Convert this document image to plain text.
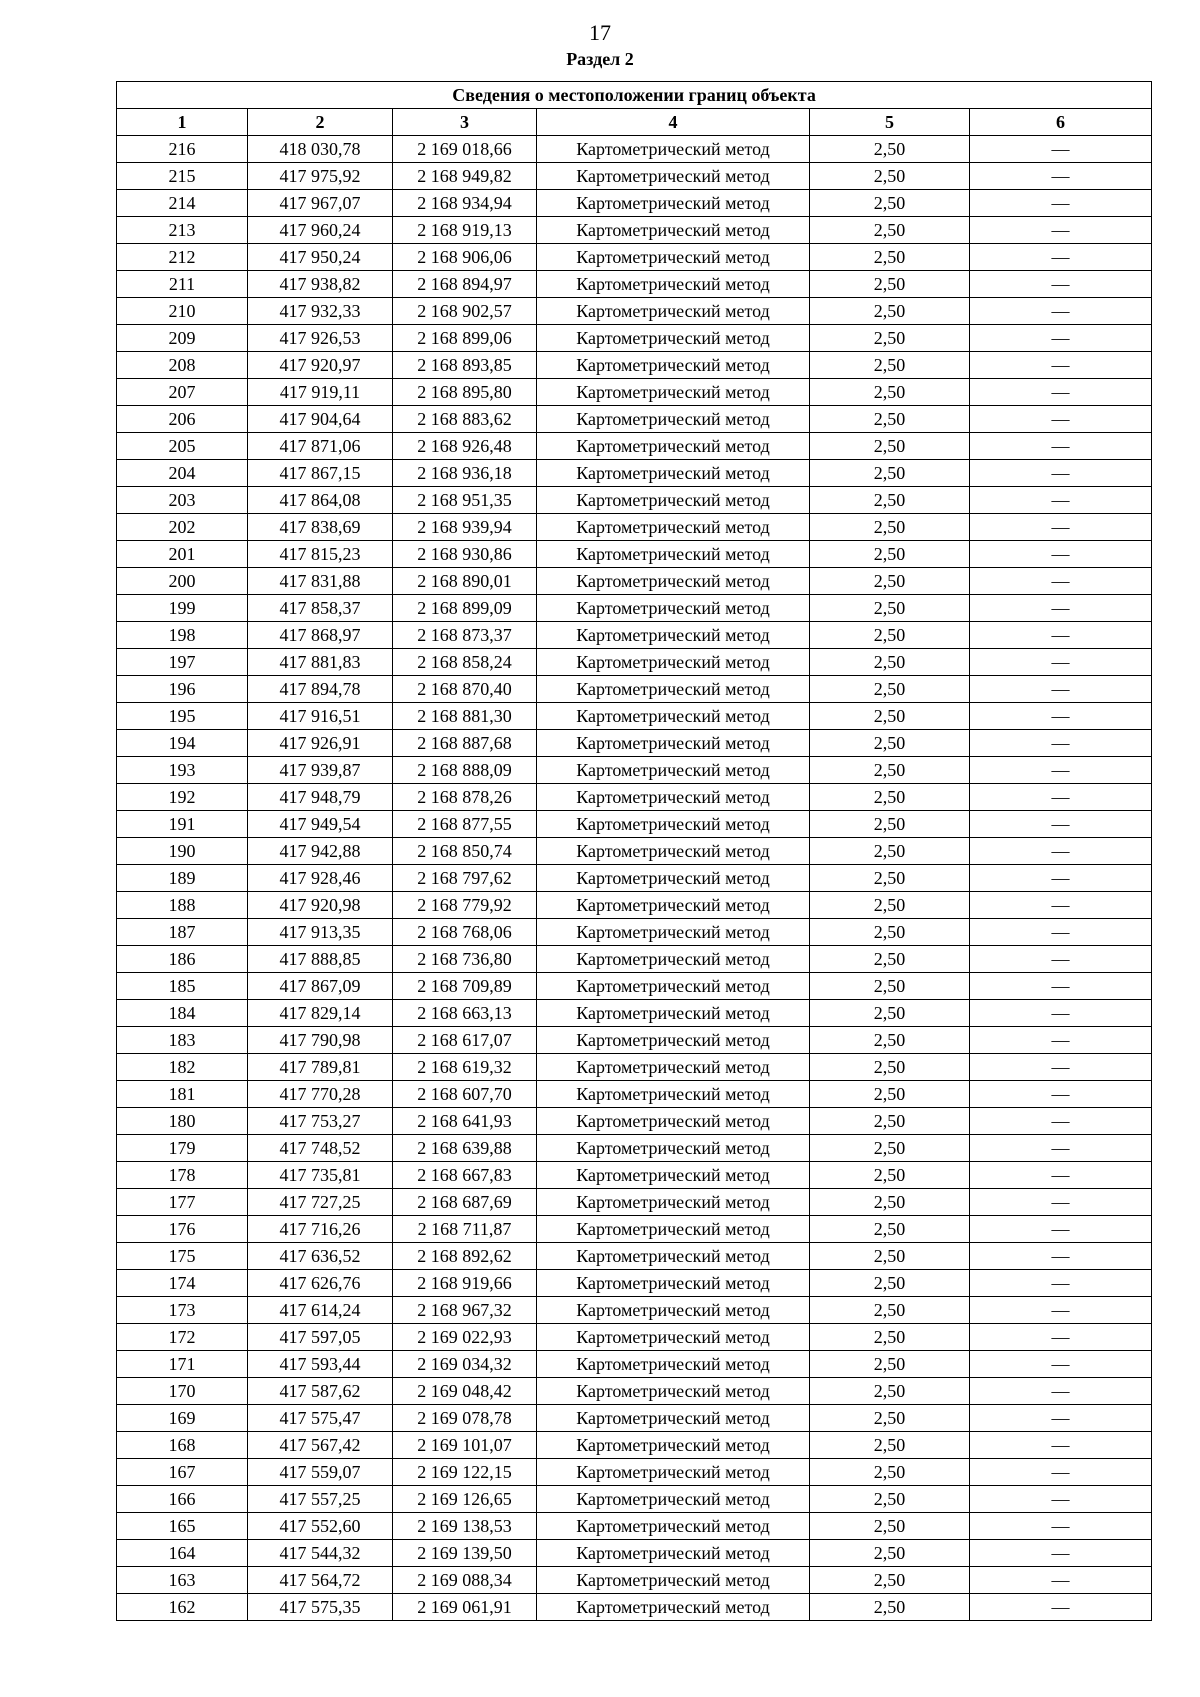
17
Раздел 2
Сведения о местоположении границ объекта					
1	2	3	4	5	6
216	418 030,78	2 169 018,66	Картометрический метод	2,50	—
215	417 975,92	2 168 949,82	Картометрический метод	2,50	—
214	417 967,07	2 168 934,94	Картометрический метод	2,50	—
213	417 960,24	2 168 919,13	Картометрический метод	2,50	—
212	417 950,24	2 168 906,06	Картометрический метод	2,50	—
211	417 938,82	2 168 894,97	Картометрический метод	2,50	—
210	417 932,33	2 168 902,57	Картометрический метод	2,50	—
209	417 926,53	2 168 899,06	Картометрический метод	2,50	—
208	417 920,97	2 168 893,85	Картометрический метод	2,50	—
207	417 919,11	2 168 895,80	Картометрический метод	2,50	—
206	417 904,64	2 168 883,62	Картометрический метод	2,50	—
205	417 871,06	2 168 926,48	Картометрический метод	2,50	—
204	417 867,15	2 168 936,18	Картометрический метод	2,50	—
203	417 864,08	2 168 951,35	Картометрический метод	2,50	—
202	417 838,69	2 168 939,94	Картометрический метод	2,50	—
201	417 815,23	2 168 930,86	Картометрический метод	2,50	—
200	417 831,88	2 168 890,01	Картометрический метод	2,50	—
199	417 858,37	2 168 899,09	Картометрический метод	2,50	—
198	417 868,97	2 168 873,37	Картометрический метод	2,50	—
197	417 881,83	2 168 858,24	Картометрический метод	2,50	—
196	417 894,78	2 168 870,40	Картометрический метод	2,50	—
195	417 916,51	2 168 881,30	Картометрический метод	2,50	—
194	417 926,91	2 168 887,68	Картометрический метод	2,50	—
193	417 939,87	2 168 888,09	Картометрический метод	2,50	—
192	417 948,79	2 168 878,26	Картометрический метод	2,50	—
191	417 949,54	2 168 877,55	Картометрический метод	2,50	—
190	417 942,88	2 168 850,74	Картометрический метод	2,50	—
189	417 928,46	2 168 797,62	Картометрический метод	2,50	—
188	417 920,98	2 168 779,92	Картометрический метод	2,50	—
187	417 913,35	2 168 768,06	Картометрический метод	2,50	—
186	417 888,85	2 168 736,80	Картометрический метод	2,50	—
185	417 867,09	2 168 709,89	Картометрический метод	2,50	—
184	417 829,14	2 168 663,13	Картометрический метод	2,50	—
183	417 790,98	2 168 617,07	Картометрический метод	2,50	—
182	417 789,81	2 168 619,32	Картометрический метод	2,50	—
181	417 770,28	2 168 607,70	Картометрический метод	2,50	—
180	417 753,27	2 168 641,93	Картометрический метод	2,50	—
179	417 748,52	2 168 639,88	Картометрический метод	2,50	—
178	417 735,81	2 168 667,83	Картометрический метод	2,50	—
177	417 727,25	2 168 687,69	Картометрический метод	2,50	—
176	417 716,26	2 168 711,87	Картометрический метод	2,50	—
175	417 636,52	2 168 892,62	Картометрический метод	2,50	—
174	417 626,76	2 168 919,66	Картометрический метод	2,50	—
173	417 614,24	2 168 967,32	Картометрический метод	2,50	—
172	417 597,05	2 169 022,93	Картометрический метод	2,50	—
171	417 593,44	2 169 034,32	Картометрический метод	2,50	—
170	417 587,62	2 169 048,42	Картометрический метод	2,50	—
169	417 575,47	2 169 078,78	Картометрический метод	2,50	—
168	417 567,42	2 169 101,07	Картометрический метод	2,50	—
167	417 559,07	2 169 122,15	Картометрический метод	2,50	—
166	417 557,25	2 169 126,65	Картометрический метод	2,50	—
165	417 552,60	2 169 138,53	Картометрический метод	2,50	—
164	417 544,32	2 169 139,50	Картометрический метод	2,50	—
163	417 564,72	2 169 088,34	Картометрический метод	2,50	—
162	417 575,35	2 169 061,91	Картометрический метод	2,50	—
